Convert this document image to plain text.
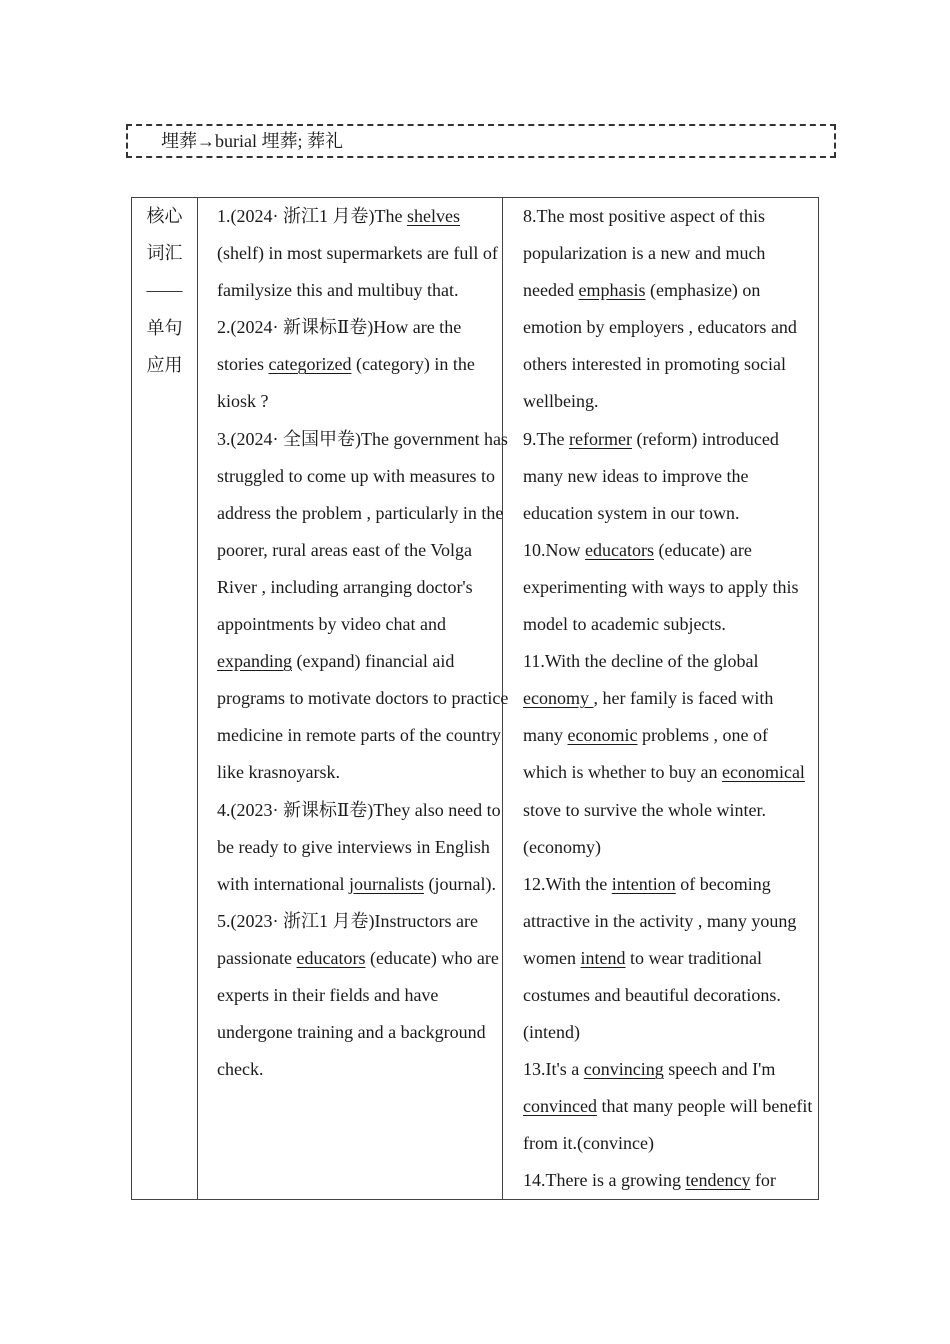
埋葬→burial 埋葬; 葬礼
核心
词汇
——
单句
应用
1.(2024· 浙江1 月卷)The shelves (shelf) in most supermarkets are full of familysize this and multibuy that.
2.(2024· 新课标Ⅱ卷)How are the stories categorized (category) in the kiosk ?
3.(2024· 全国甲卷)The government has struggled to come up with measures to address the problem , particularly in the poorer, rural areas east of the Volga River , including arranging doctor's appointments by video chat and expanding (expand) financial aid programs to motivate doctors to practice medicine in remote parts of the country like krasnoyarsk.
4.(2023· 新课标Ⅱ卷)They also need to be ready to give interviews in English with international journalists (journal).
5.(2023· 浙江1 月卷)Instructors are passionate educators (educate) who are experts in their fields and have undergone training and a background check.
8.The most positive aspect of this popularization is a new and much needed emphasis (emphasize) on emotion by employers , educators and others interested in promoting social wellbeing.
9.The reformer (reform) introduced many new ideas to improve the education system in our town.
10.Now educators (educate) are experimenting with ways to apply this model to academic subjects.
11.With the decline of the global economy , her family is faced with many economic problems , one of which is whether to buy an economical stove to survive the whole winter.(economy)
12.With the intention of becoming attractive in the activity , many young women intend to wear traditional costumes and beautiful decorations.(intend)
13.It's a convincing speech and I'm convinced that many people will benefit from it.(convince)
14.There is a growing tendency for
